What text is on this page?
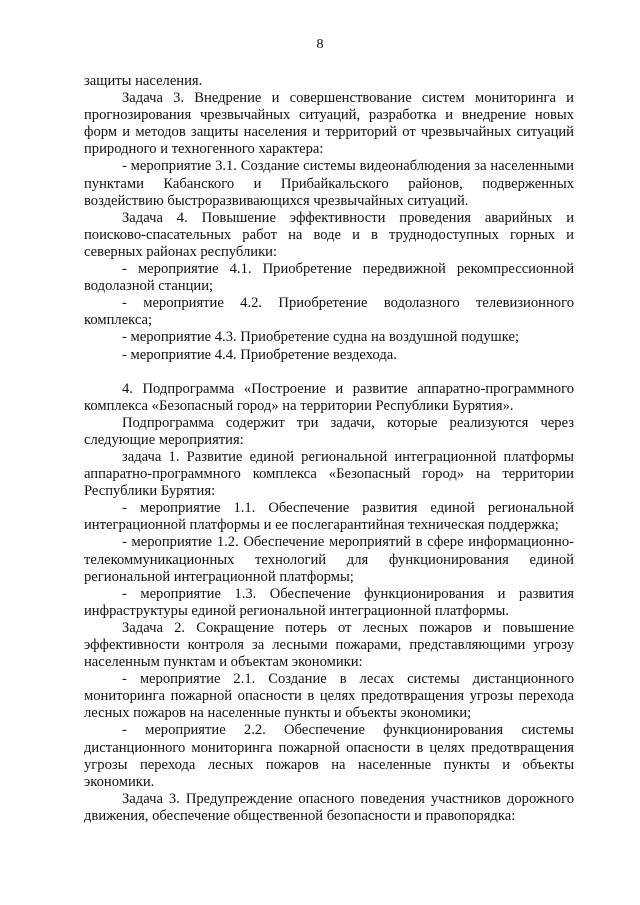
8

защиты населения.

Задача 3. Внедрение и совершенствование систем мониторинга и прогнозирования чрезвычайных ситуаций, разработка и внедрение новых форм и методов защиты населения и территорий от чрезвычайных ситуаций природного и техногенного характера:

- мероприятие 3.1. Создание системы видеонаблюдения за населенными пунктами Кабанского и Прибайкальского районов, подверженных воздействию быстроразвивающихся чрезвычайных ситуаций.

Задача 4. Повышение эффективности проведения аварийных и поисково-спасательных работ на воде и в труднодоступных горных и северных районах республики:

- мероприятие 4.1. Приобретение передвижной рекомпрессионной водолазной станции;

- мероприятие 4.2. Приобретение водолазного телевизионного комплекса;

- мероприятие 4.3. Приобретение судна на воздушной подушке;

- мероприятие 4.4. Приобретение вездехода.

4. Подпрограмма «Построение и развитие аппаратно-программного комплекса «Безопасный город» на территории Республики Бурятия».

Подпрограмма содержит три задачи, которые реализуются через следующие мероприятия:

задача 1. Развитие единой региональной интеграционной платформы аппаратно-программного комплекса «Безопасный город» на территории Республики Бурятия:

- мероприятие 1.1. Обеспечение развития единой региональной интеграционной платформы и ее послегарантийная техническая поддержка;

- мероприятие 1.2. Обеспечение мероприятий в сфере информационно-телекоммуникационных технологий для функционирования единой региональной интеграционной платформы;

- мероприятие 1.3. Обеспечение функционирования и развития инфраструктуры единой региональной интеграционной платформы.

Задача 2. Сокращение потерь от лесных пожаров и повышение эффективности контроля за лесными пожарами, представляющими угрозу населенным пунктам и объектам экономики:

- мероприятие 2.1. Создание в лесах системы дистанционного мониторинга пожарной опасности в целях предотвращения угрозы перехода лесных пожаров на населенные пункты и объекты экономики;

- мероприятие 2.2. Обеспечение функционирования системы дистанционного мониторинга пожарной опасности в целях предотвращения угрозы перехода лесных пожаров на населенные пункты и объекты экономики.

Задача 3. Предупреждение опасного поведения участников дорожного движения, обеспечение общественной безопасности и правопорядка:
